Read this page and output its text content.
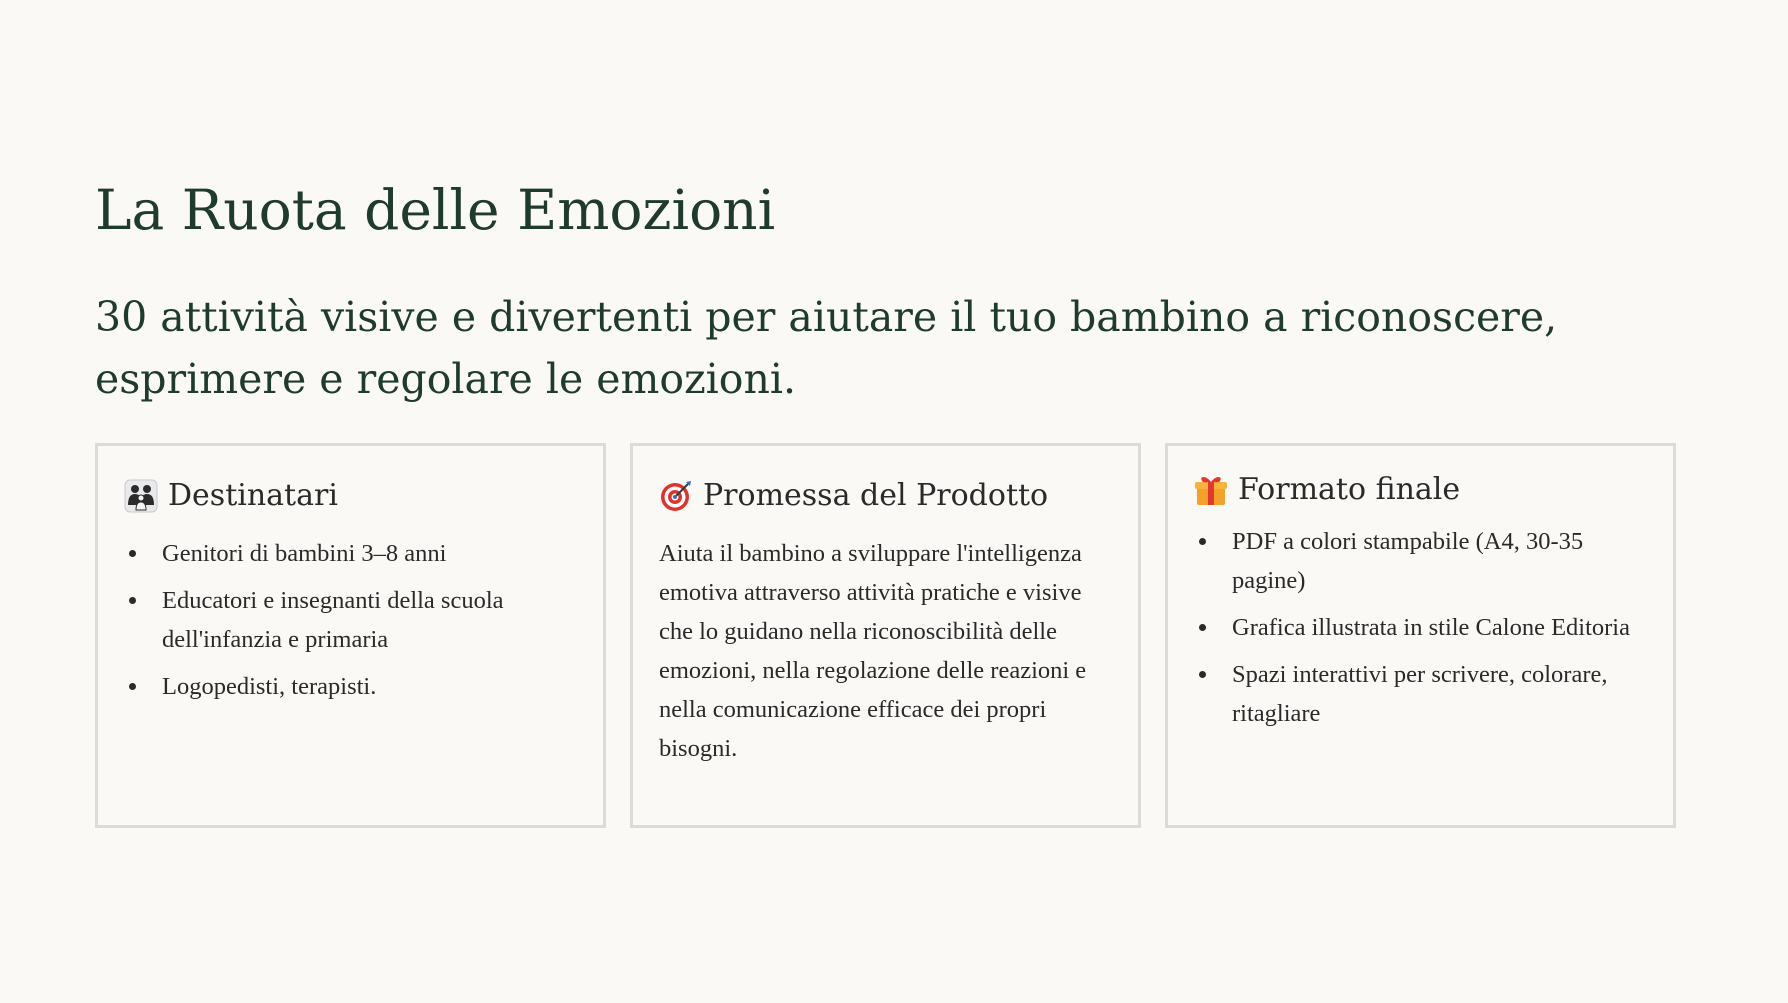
La Ruota delle Emozioni
30 attività visive e divertenti per aiutare il tuo bambino a riconoscere, esprimere e regolare le emozioni.
Destinatari
Genitori di bambini 3–8 anni
Educatori e insegnanti della scuola dell'infanzia e primaria
Logopedisti, terapisti.
Promessa del Prodotto

Aiuta il bambino a sviluppare l'intelligenza emotiva attraverso attività pratiche e visive che lo guidano nella riconoscibilità delle emozioni, nella regolazione delle reazioni e nella comunicazione efficace dei propri bisogni.

Formato finale
PDF a colori stampabile (A4, 30-35 pagine)
Grafica illustrata in stile Calone Editoria
Spazi interattivi per scrivere, colorare, ritagliare
